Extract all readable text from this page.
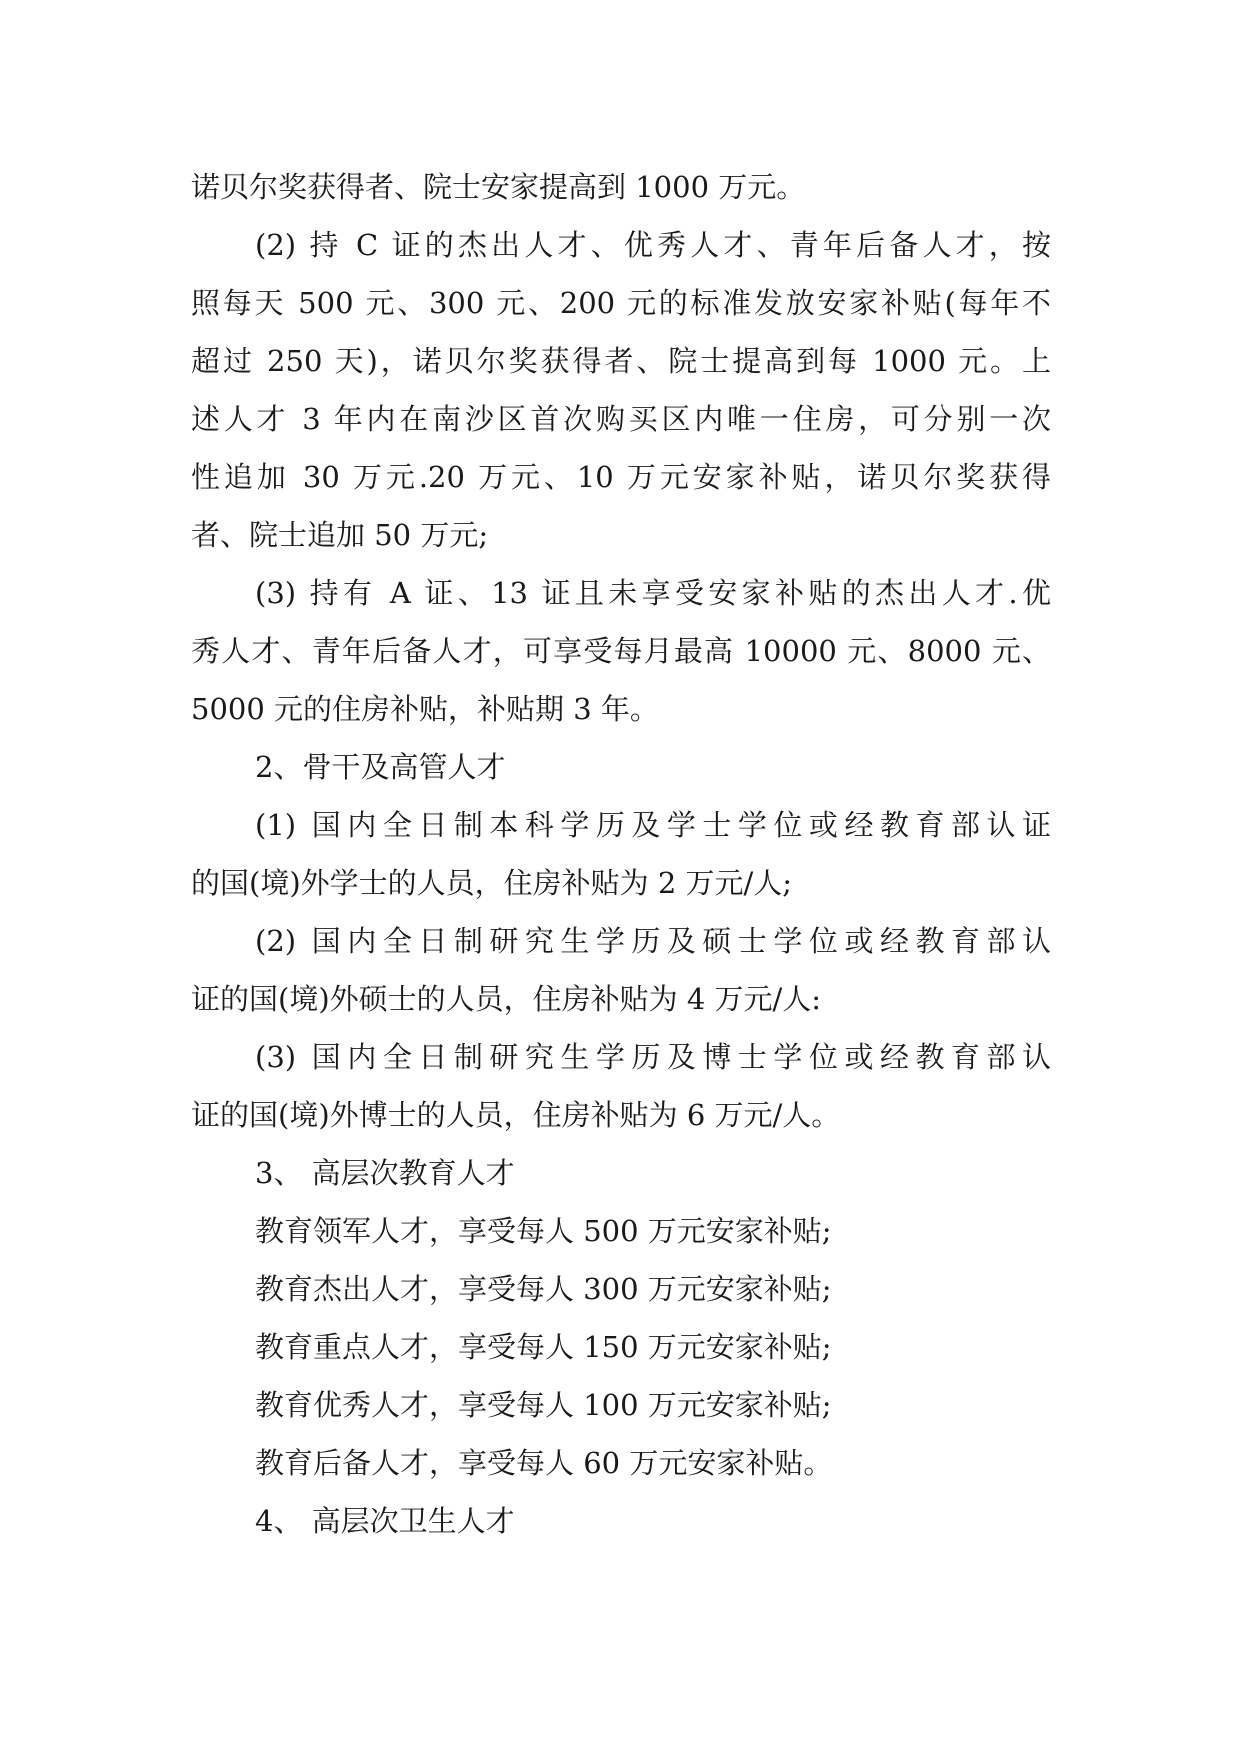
诺贝尔奖获得者、院士安家提高到 1000 万元。
(2) 持 C 证的杰出人才、优秀人才、青年后备人才，按
照每天 500 元、300 元、200 元的标准发放安家补贴(每年不
超过 250 天)，诺贝尔奖获得者、院士提高到每 1000 元。上
述人才 3 年内在南沙区首次购买区内唯一住房，可分别一次
性追加 30 万元.20 万元、10 万元安家补贴，诺贝尔奖获得
者、院士追加 50 万元;
(3) 持有 A 证、13 证且未享受安家补贴的杰出人才.优
秀人才、青年后备人才，可享受每月最高 10000 元、8000 元、
5000 元的住房补贴，补贴期 3 年。
2、骨干及高管人才
(1) 国内全日制本科学历及学士学位或经教育部认证
的国(境)外学士的人员，住房补贴为 2 万元/人;
(2) 国内全日制研究生学历及硕士学位或经教育部认
证的国(境)外硕士的人员，住房补贴为 4 万元/人:
(3) 国内全日制研究生学历及博士学位或经教育部认
证的国(境)外博士的人员，住房补贴为 6 万元/人。
3、 高层次教育人才
教育领军人才，享受每人 500 万元安家补贴;
教育杰出人才，享受每人 300 万元安家补贴;
教育重点人才，享受每人 150 万元安家补贴;
教育优秀人才，享受每人 100 万元安家补贴;
教育后备人才，享受每人 60 万元安家补贴。
4、 高层次卫生人才
